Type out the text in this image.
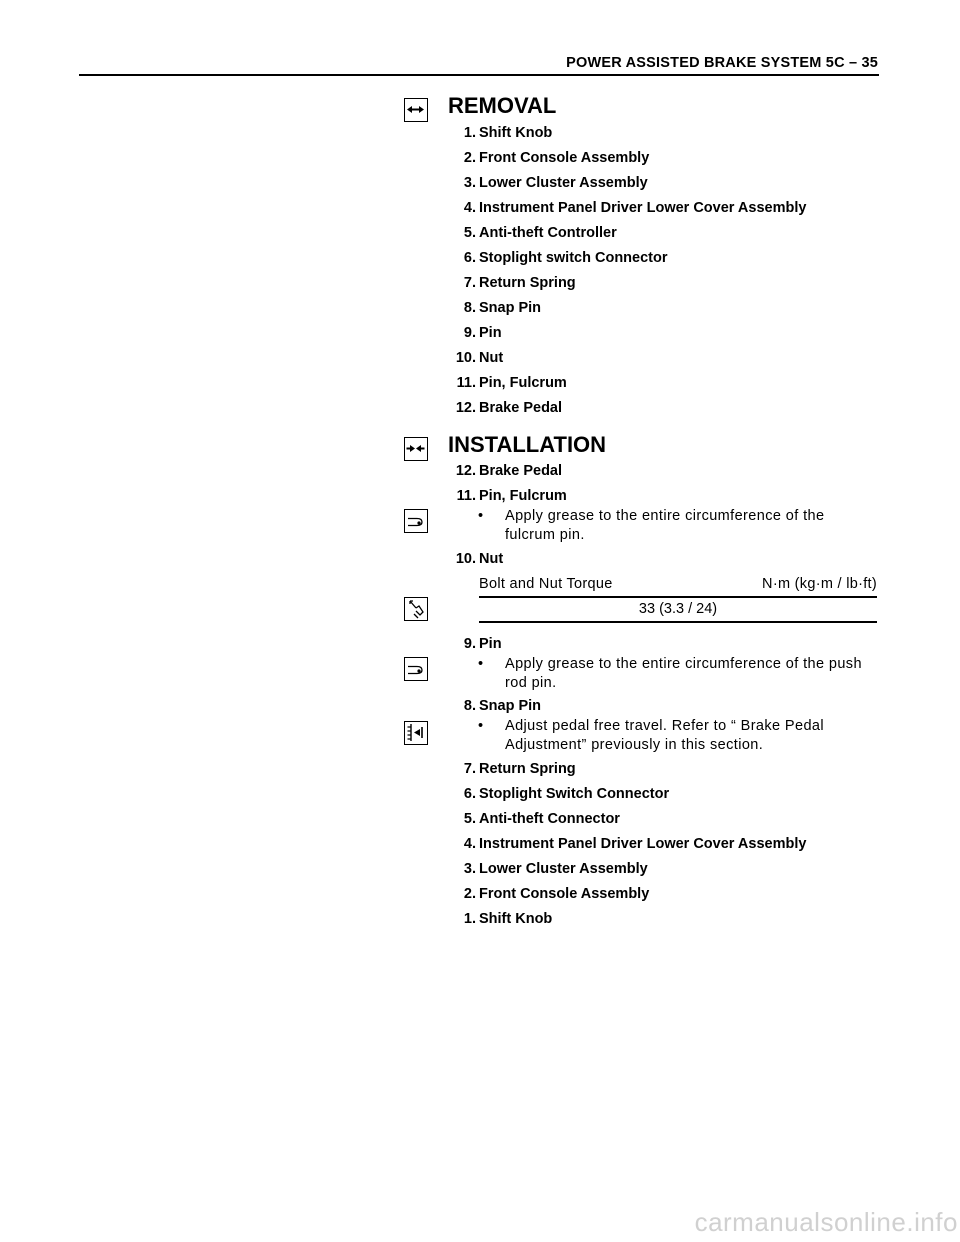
POWER ASSISTED BRAKE SYSTEM 5C – 35
REMOVAL
1. Shift Knob
2. Front Console Assembly
3. Lower Cluster Assembly
4. Instrument Panel Driver Lower Cover Assembly
5. Anti-theft Controller
6. Stoplight switch Connector
7. Return Spring
8. Snap Pin
9. Pin
10. Nut
11. Pin, Fulcrum
12. Brake Pedal
INSTALLATION
12. Brake Pedal
11. Pin, Fulcrum
• Apply grease to the entire circumference of the fulcrum pin.
10. Nut
Bolt and Nut Torque	N·m (kg·m / lb·ft)
33 (3.3 / 24)
9. Pin
• Apply grease to the entire circumference of the push rod pin.
8. Snap Pin
• Adjust pedal free travel. Refer to “ Brake Pedal Adjustment” previously in this section.
7. Return Spring
6. Stoplight Switch Connector
5. Anti-theft Connector
4. Instrument Panel Driver Lower Cover Assembly
3. Lower Cluster Assembly
2. Front Console Assembly
1. Shift Knob
carmanualsonline.info
